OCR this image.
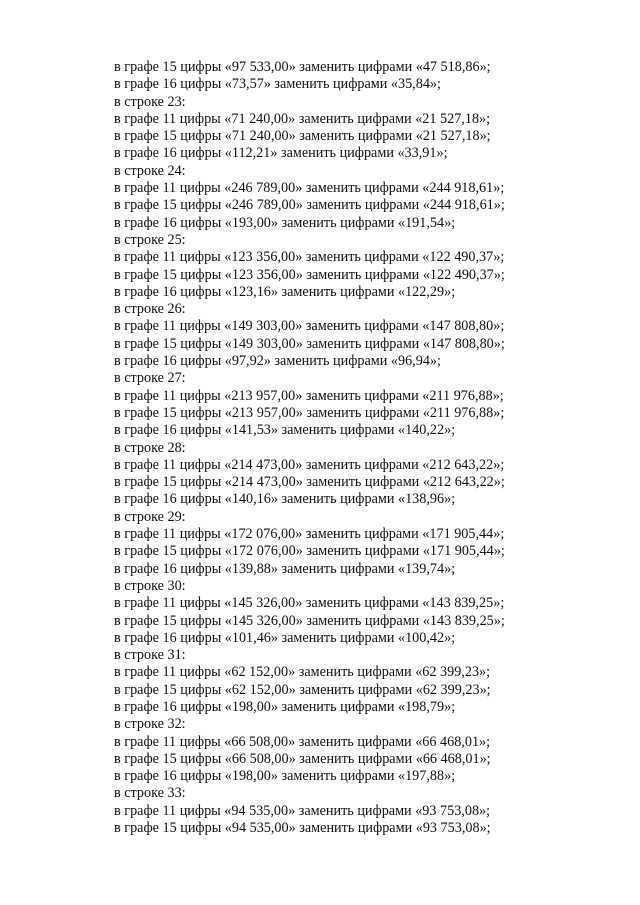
в графе 15 цифры «97 533,00» заменить цифрами «47 518,86»;
в графе 16 цифры «73,57» заменить цифрами «35,84»;
в строке 23:
в графе 11 цифры «71 240,00» заменить цифрами «21 527,18»;
в графе 15 цифры «71 240,00» заменить цифрами «21 527,18»;
в графе 16 цифры «112,21» заменить цифрами «33,91»;
в строке 24:
в графе 11 цифры «246 789,00» заменить цифрами «244 918,61»;
в графе 15 цифры «246 789,00» заменить цифрами «244 918,61»;
в графе 16 цифры «193,00» заменить цифрами «191,54»;
в строке 25:
в графе 11 цифры «123 356,00» заменить цифрами «122 490,37»;
в графе 15 цифры «123 356,00» заменить цифрами «122 490,37»;
в графе 16 цифры «123,16» заменить цифрами «122,29»;
в строке 26:
в графе 11 цифры «149 303,00» заменить цифрами «147 808,80»;
в графе 15 цифры «149 303,00» заменить цифрами «147 808,80»;
в графе 16 цифры «97,92» заменить цифрами «96,94»;
в строке 27:
в графе 11 цифры «213 957,00» заменить цифрами «211 976,88»;
в графе 15 цифры «213 957,00» заменить цифрами «211 976,88»;
в графе 16 цифры «141,53» заменить цифрами «140,22»;
в строке 28:
в графе 11 цифры «214 473,00» заменить цифрами «212 643,22»;
в графе 15 цифры «214 473,00» заменить цифрами «212 643,22»;
в графе 16 цифры «140,16» заменить цифрами «138,96»;
в строке 29:
в графе 11 цифры «172 076,00» заменить цифрами «171 905,44»;
в графе 15 цифры «172 076,00» заменить цифрами «171 905,44»;
в графе 16 цифры «139,88» заменить цифрами «139,74»;
в строке 30:
в графе 11 цифры «145 326,00» заменить цифрами «143 839,25»;
в графе 15 цифры «145 326,00» заменить цифрами «143 839,25»;
в графе 16 цифры «101,46» заменить цифрами «100,42»;
в строке 31:
в графе 11 цифры «62 152,00» заменить цифрами «62 399,23»;
в графе 15 цифры «62 152,00» заменить цифрами «62 399,23»;
в графе 16 цифры «198,00» заменить цифрами «198,79»;
в строке 32:
в графе 11 цифры «66 508,00» заменить цифрами «66 468,01»;
в графе 15 цифры «66 508,00» заменить цифрами «66 468,01»;
в графе 16 цифры «198,00» заменить цифрами «197,88»;
в строке 33:
в графе 11 цифры «94 535,00» заменить цифрами «93 753,08»;
в графе 15 цифры «94 535,00» заменить цифрами «93 753,08»;
